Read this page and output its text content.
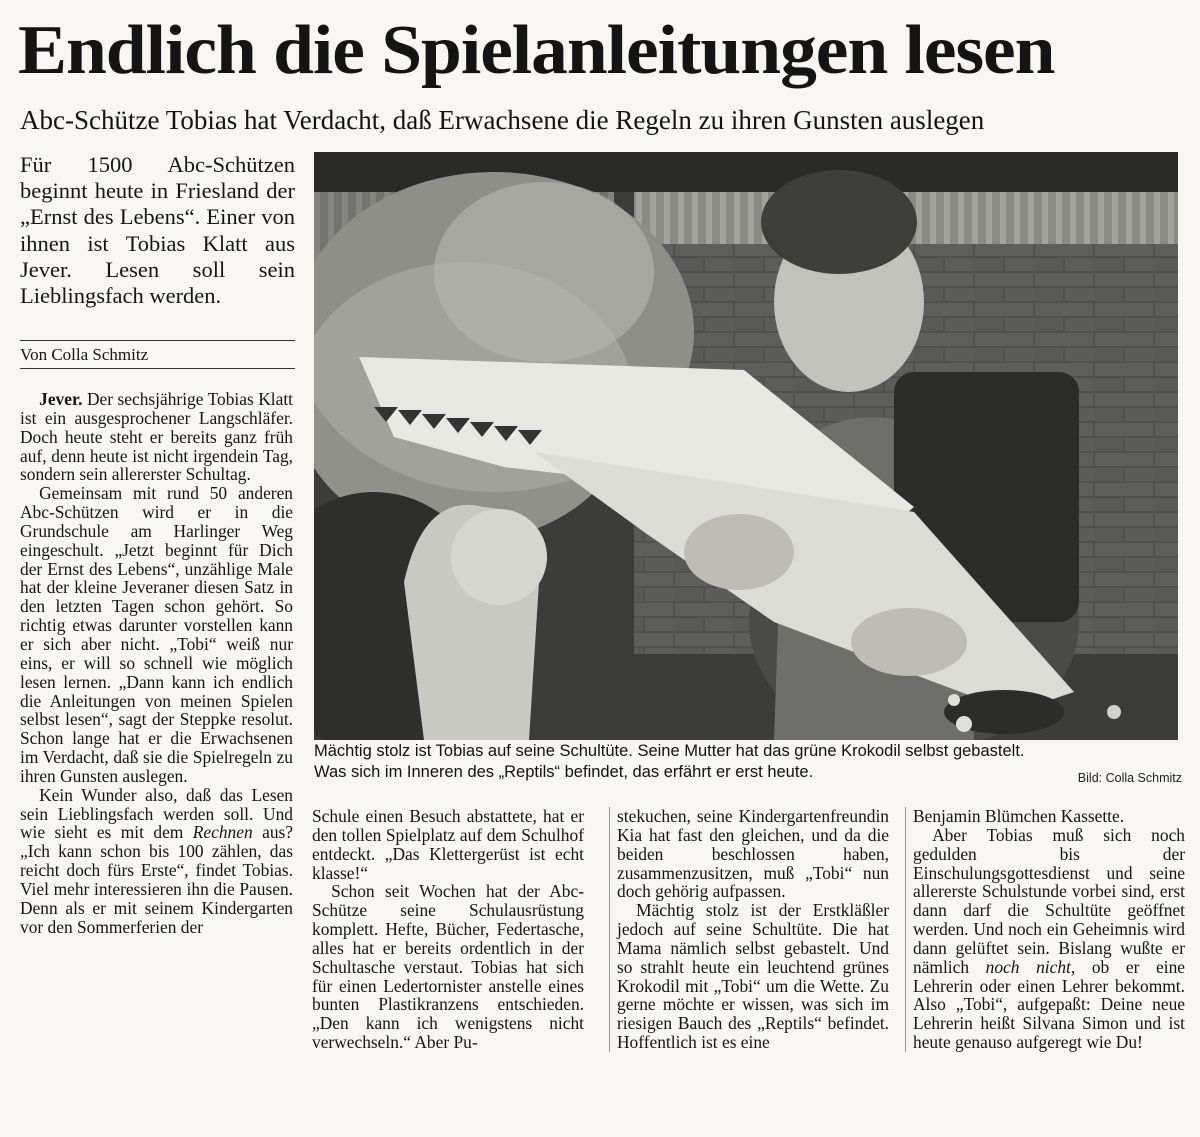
Endlich die Spielanleitungen lesen
Abc-Schütze Tobias hat Verdacht, daß Erwachsene die Regeln zu ihren Gunsten auslegen
Für 1500 Abc-Schützen beginnt heute in Friesland der „Ernst des Lebens“. Einer von ihnen ist Tobias Klatt aus Jever. Lesen soll sein Lieblingsfach werden.
Von Colla Schmitz

Jever. Der sechsjährige Tobias Klatt ist ein ausgesprochener Langschläfer. Doch heute steht er bereits ganz früh auf, denn heute ist nicht irgendein Tag, sondern sein allererster Schultag.

Gemeinsam mit rund 50 anderen Abc-Schützen wird er in die Grundschule am Harlinger Weg eingeschult. „Jetzt beginnt für Dich der Ernst des Lebens“, unzählige Male hat der kleine Jeveraner diesen Satz in den letzten Tagen schon gehört. So richtig etwas darunter vorstellen kann er sich aber nicht. „Tobi“ weiß nur eins, er will so schnell wie möglich lesen lernen. „Dann kann ich endlich die Anleitungen von meinen Spielen selbst lesen“, sagt der Steppke resolut. Schon lange hat er die Erwachsenen im Verdacht, daß sie die Spielregeln zu ihren Gunsten auslegen.

Kein Wunder also, daß das Lesen sein Lieblingsfach werden soll. Und wie sieht es mit dem Rechnen aus? „Ich kann schon bis 100 zählen, das reicht doch fürs Erste“, findet Tobias. Viel mehr interessieren ihn die Pausen. Denn als er mit seinem Kindergarten vor den Sommerferien der

Mächtig stolz ist Tobias auf seine Schultüte. Seine Mutter hat das grüne Krokodil selbst gebastelt.
Was sich im Inneren des „Reptils“ befindet, das erfährt er erst heute.	Bild: Colla Schmitz

Schule einen Besuch abstattete, hat er den tollen Spielplatz auf dem Schulhof entdeckt. „Das Klettergerüst ist echt klasse!“

Schon seit Wochen hat der Abc-Schütze seine Schulausrüstung komplett. Hefte, Bücher, Federtasche, alles hat er bereits ordentlich in der Schultasche verstaut. Tobias hat sich für einen Ledertornister anstelle eines bunten Plastikranzens entschieden. „Den kann ich wenigstens nicht verwechseln.“ Aber Pu-

stekuchen, seine Kindergartenfreundin Kia hat fast den gleichen, und da die beiden beschlossen haben, zusammenzusitzen, muß „Tobi“ nun doch gehörig aufpassen.

Mächtig stolz ist der Erstkläßler jedoch auf seine Schultüte. Die hat Mama nämlich selbst gebastelt. Und so strahlt heute ein leuchtend grünes Krokodil mit „Tobi“ um die Wette. Zu gerne möchte er wissen, was sich im riesigen Bauch des „Reptils“ befindet. Hoffentlich ist es eine

Benjamin Blümchen Kassette.

Aber Tobias muß sich noch gedulden bis der Einschulungsgottesdienst und seine allererste Schulstunde vorbei sind, erst dann darf die Schultüte geöffnet werden. Und noch ein Geheimnis wird dann gelüftet sein. Bislang wußte er nämlich noch nicht, ob er eine Lehrerin oder einen Lehrer bekommt. Also „Tobi“, aufgepaßt: Deine neue Lehrerin heißt Silvana Simon und ist heute genauso aufgeregt wie Du!
